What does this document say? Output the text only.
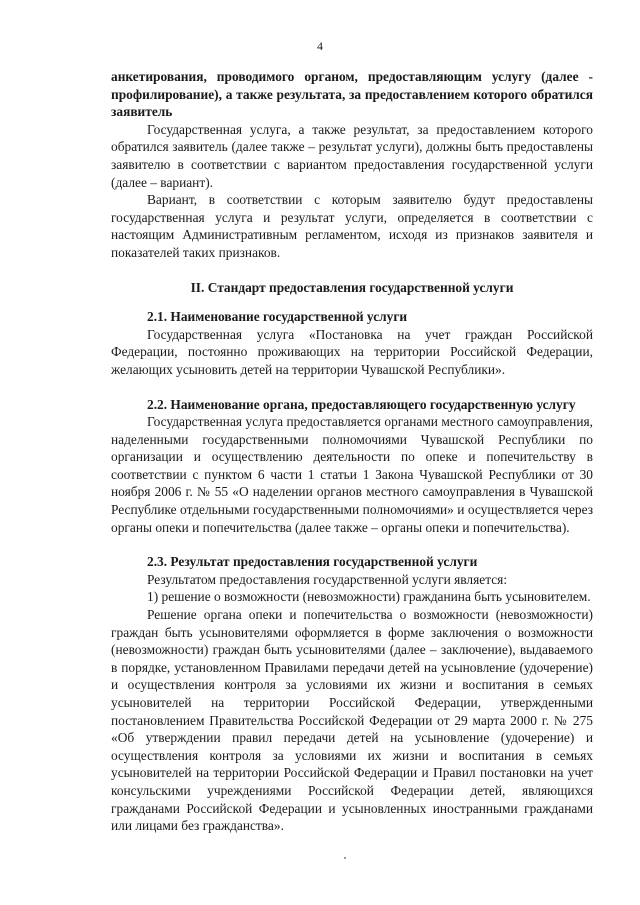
4

анкетирования, проводимого органом, предоставляющим услугу (далее - профилирование), а также результата, за предоставлением которого обратился заявитель

Государственная услуга, а также результат, за предоставлением которого обратился заявитель (далее также – результат услуги), должны быть предоставлены заявителю в соответствии с вариантом предоставления государственной услуги (далее – вариант).

Вариант, в соответствии с которым заявителю будут предоставлены государственная услуга и результат услуги, определяется в соответствии с настоящим Административным регламентом, исходя из признаков заявителя и показателей таких признаков.

II. Стандарт предоставления государственной услуги

2.1. Наименование государственной услуги

Государственная услуга «Постановка на учет граждан Российской Федерации, постоянно проживающих на территории Российской Федерации, желающих усыновить детей на территории Чувашской Республики».

2.2. Наименование органа, предоставляющего государственную услугу

Государственная услуга предоставляется органами местного самоуправления, наделенными государственными полномочиями Чувашской Республики по организации и осуществлению деятельности по опеке и попечительству в соответствии с пунктом 6 части 1 статьи 1 Закона Чувашской Республики от 30 ноября 2006 г. № 55 «О наделении органов местного самоуправления в Чувашской Республике отдельными государственными полномочиями» и осуществляется через органы опеки и попечительства (далее также – органы опеки и попечительства).

2.3. Результат предоставления государственной услуги

Результатом предоставления государственной услуги является:

1) решение о возможности (невозможности) гражданина быть усыновителем.

Решение органа опеки и попечительства о возможности (невозможности) граждан быть усыновителями оформляется в форме заключения о возможности (невозможности) граждан быть усыновителями (далее – заключение), выдаваемого в порядке, установленном Правилами передачи детей на усыновление (удочерение) и осуществления контроля за условиями их жизни и воспитания в семьях усыновителей на территории Российской Федерации, утвержденными постановлением Правительства Российской Федерации от 29 марта 2000 г. № 275 «Об утверждении правил передачи детей на усыновление (удочерение) и осуществления контроля за условиями их жизни и воспитания в семьях усыновителей на территории Российской Федерации и Правил постановки на учет консульскими учреждениями Российской Федерации детей, являющихся гражданами Российской Федерации и усыновленных иностранными гражданами или лицами без гражданства».
